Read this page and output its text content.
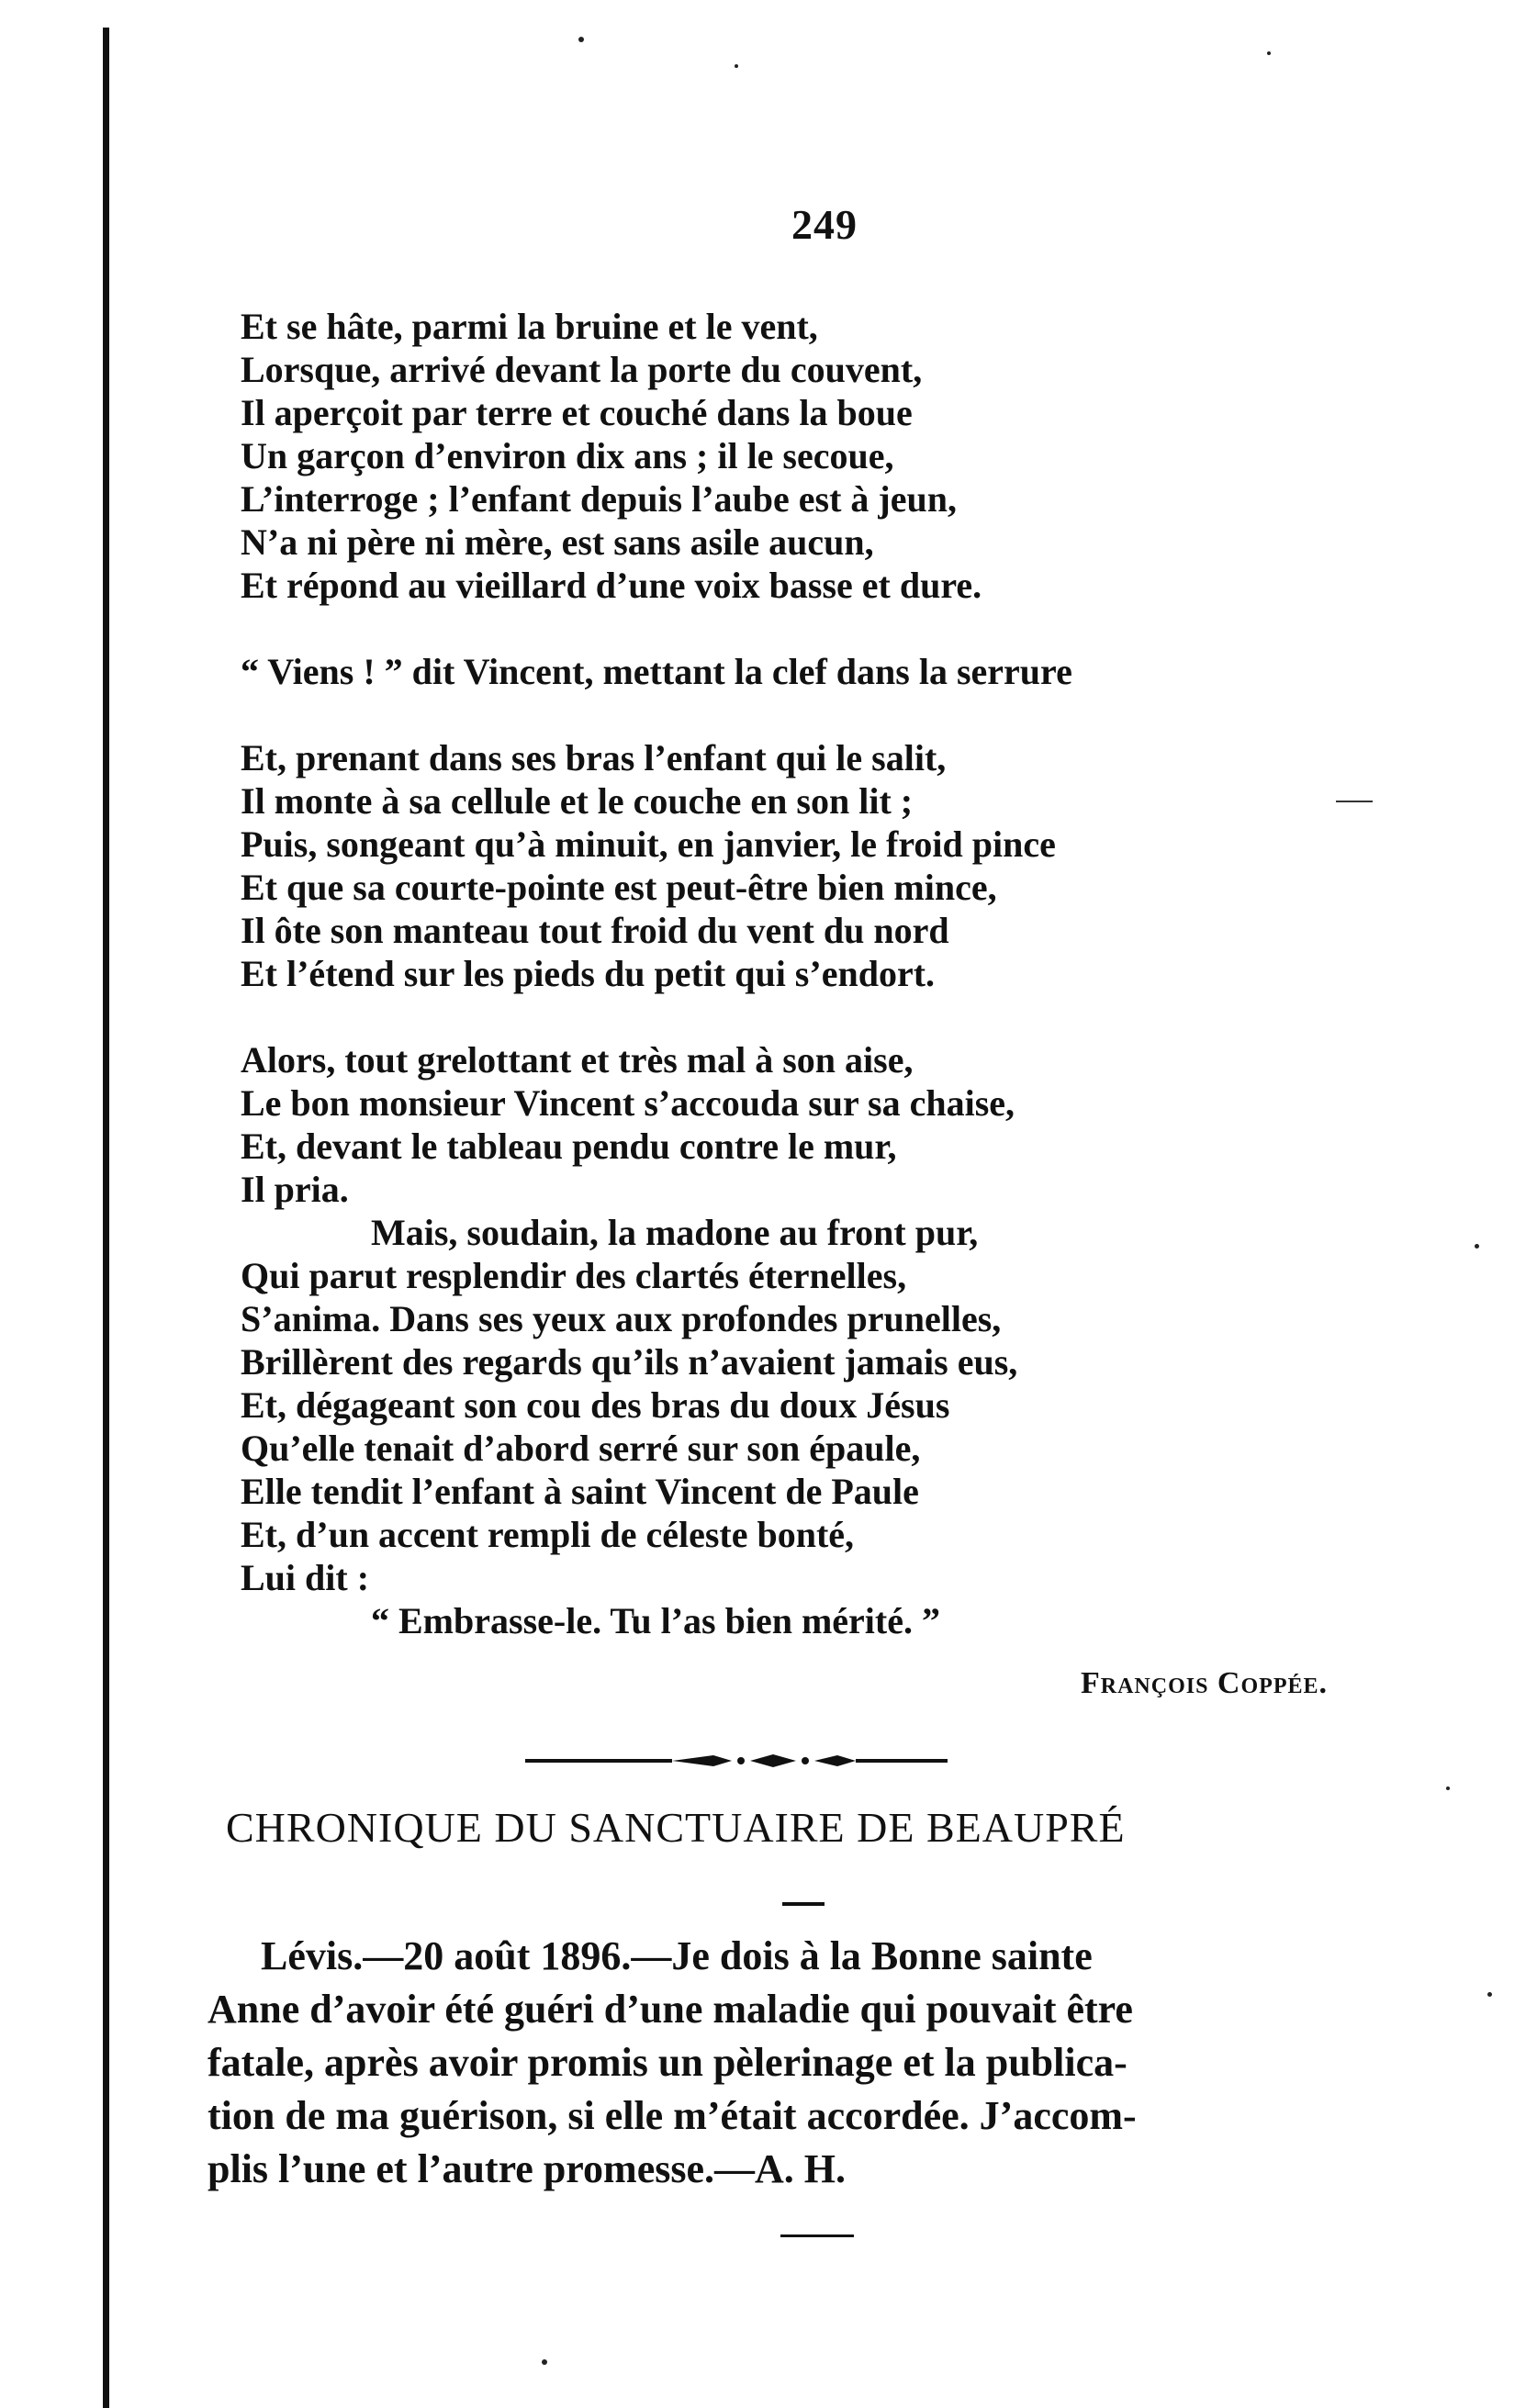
249
Et se hâte, parmi la bruine et le vent,
Lorsque, arrivé devant la porte du couvent,
Il aperçoit par terre et couché dans la boue
Un garçon d’environ dix ans ; il le secoue,
L’interroge ; l’enfant depuis l’aube est à jeun,
N’a ni père ni mère, est sans asile aucun,
Et répond au vieillard d’une voix basse et dure.
“ Viens ! ” dit Vincent, mettant la clef dans la serrure
Et, prenant dans ses bras l’enfant qui le salit,
Il monte à sa cellule et le couche en son lit ;
Puis, songeant qu’à minuit, en janvier, le froid pince
Et que sa courte-pointe est peut-être bien mince,
Il ôte son manteau tout froid du vent du nord
Et l’étend sur les pieds du petit qui s’endort.
Alors, tout grelottant et très mal à son aise,
Le bon monsieur Vincent s’accouda sur sa chaise,
Et, devant le tableau pendu contre le mur,
Il pria.
Mais, soudain, la madone au front pur,
Qui parut resplendir des clartés éternelles,
S’anima. Dans ses yeux aux profondes prunelles,
Brillèrent des regards qu’ils n’avaient jamais eus,
Et, dégageant son cou des bras du doux Jésus
Qu’elle tenait d’abord serré sur son épaule,
Elle tendit l’enfant à saint Vincent de Paule
Et, d’un accent rempli de céleste bonté,
Lui dit :
“ Embrasse-le. Tu l’as bien mérité. ”
François Coppée.
CHRONIQUE DU SANCTUAIRE DE BEAUPRÉ
Lévis.—20 août 1896.—Je dois à la Bonne sainte
Anne d’avoir été guéri d’une maladie qui pouvait être
fatale, après avoir promis un pèlerinage et la publica-
tion de ma guérison, si elle m’était accordée. J’accom-
plis l’une et l’autre promesse.—A. H.
